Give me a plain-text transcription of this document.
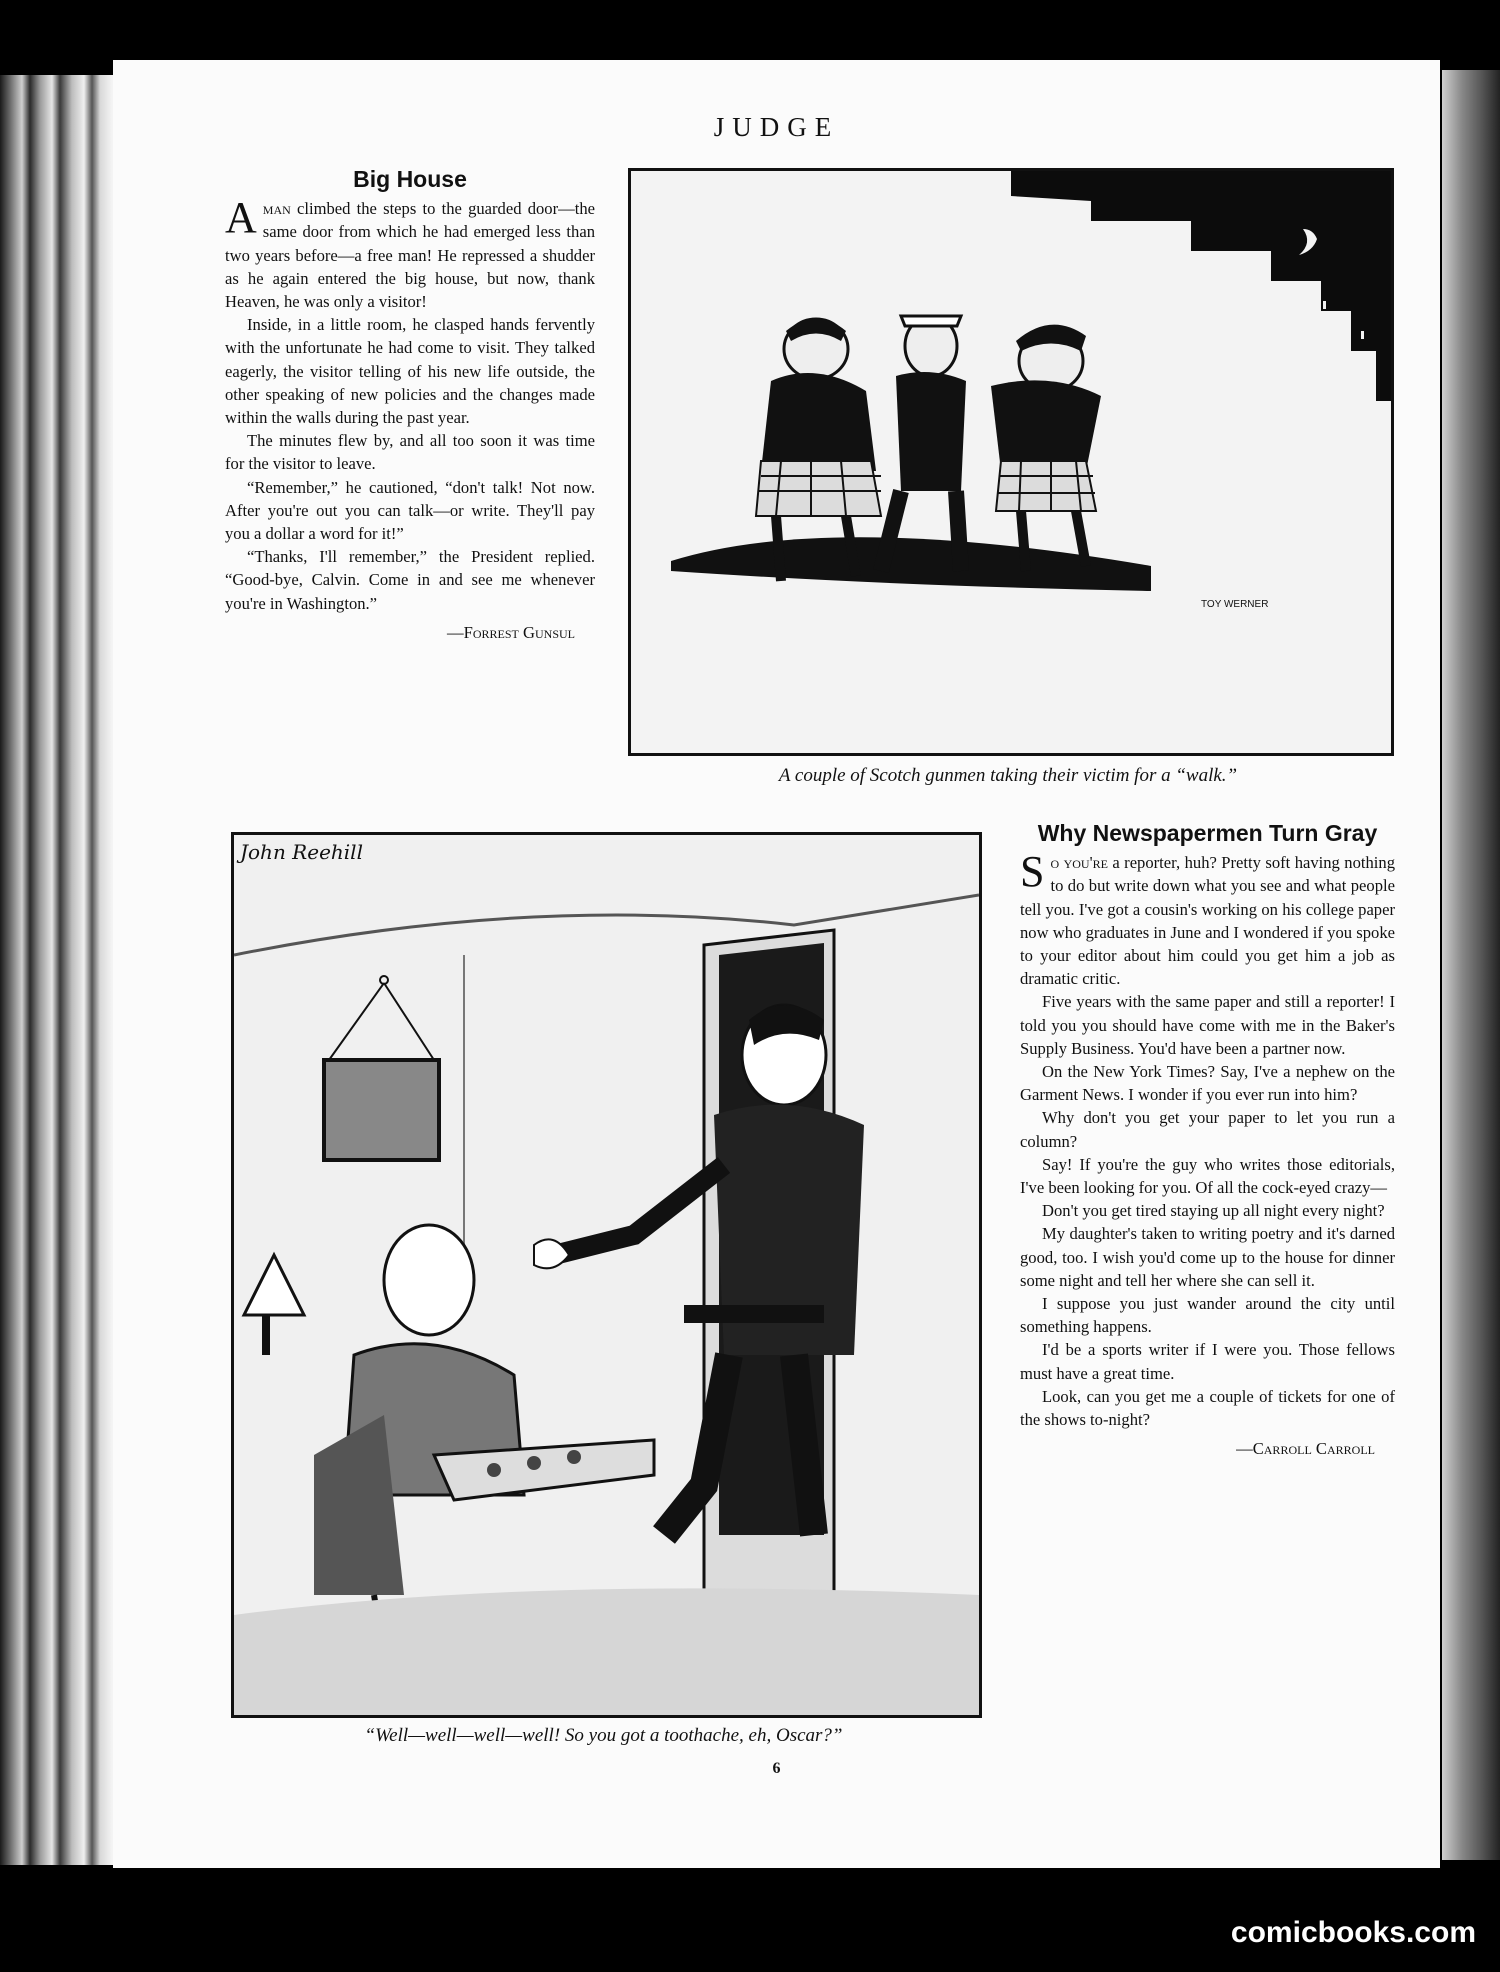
JUDGE
Big House

Aman climbed the steps to the guarded door—the same door from which he had emerged less than two years before—a free man! He repressed a shudder as he again entered the big house, but now, thank Heaven, he was only a visitor!

Inside, in a little room, he clasped hands fervently with the unfortunate he had come to visit. They talked eagerly, the visitor telling of his new life outside, the other speaking of new policies and the changes made within the walls during the past year.

The minutes flew by, and all too soon it was time for the visitor to leave.

“Remember,” he cautioned, “don't talk! Not now. After you're out you can talk—or write. They'll pay you a dollar a word for it!”

“Thanks, I'll remember,” the President replied. “Good-bye, Calvin. Come in and see me whenever you're in Washington.”

—Forrest Gunsul
TOY WERNER
A couple of Scotch gunmen taking their victim for a “walk.”
John Reehill
“Well—well—well—well! So you got a toothache, eh, Oscar?”
Why Newspapermen Turn Gray

So you're a reporter, huh? Pretty soft having nothing to do but write down what you see and what people tell you. I've got a cousin's working on his college paper now who graduates in June and I wondered if you spoke to your editor about him could you get him a job as dramatic critic.

Five years with the same paper and still a reporter! I told you you should have come with me in the Baker's Supply Business. You'd have been a partner now.

On the New York Times? Say, I've a nephew on the Garment News. I wonder if you ever run into him?

Why don't you get your paper to let you run a column?

Say! If you're the guy who writes those editorials, I've been looking for you. Of all the cock-eyed crazy—

Don't you get tired staying up all night every night?

My daughter's taken to writing poetry and it's darned good, too. I wish you'd come up to the house for dinner some night and tell her where she can sell it.

I suppose you just wander around the city until something happens.

I'd be a sports writer if I were you. Those fellows must have a great time.

Look, can you get me a couple of tickets for one of the shows to-night?

—Carroll Carroll
6
comicbooks.com
